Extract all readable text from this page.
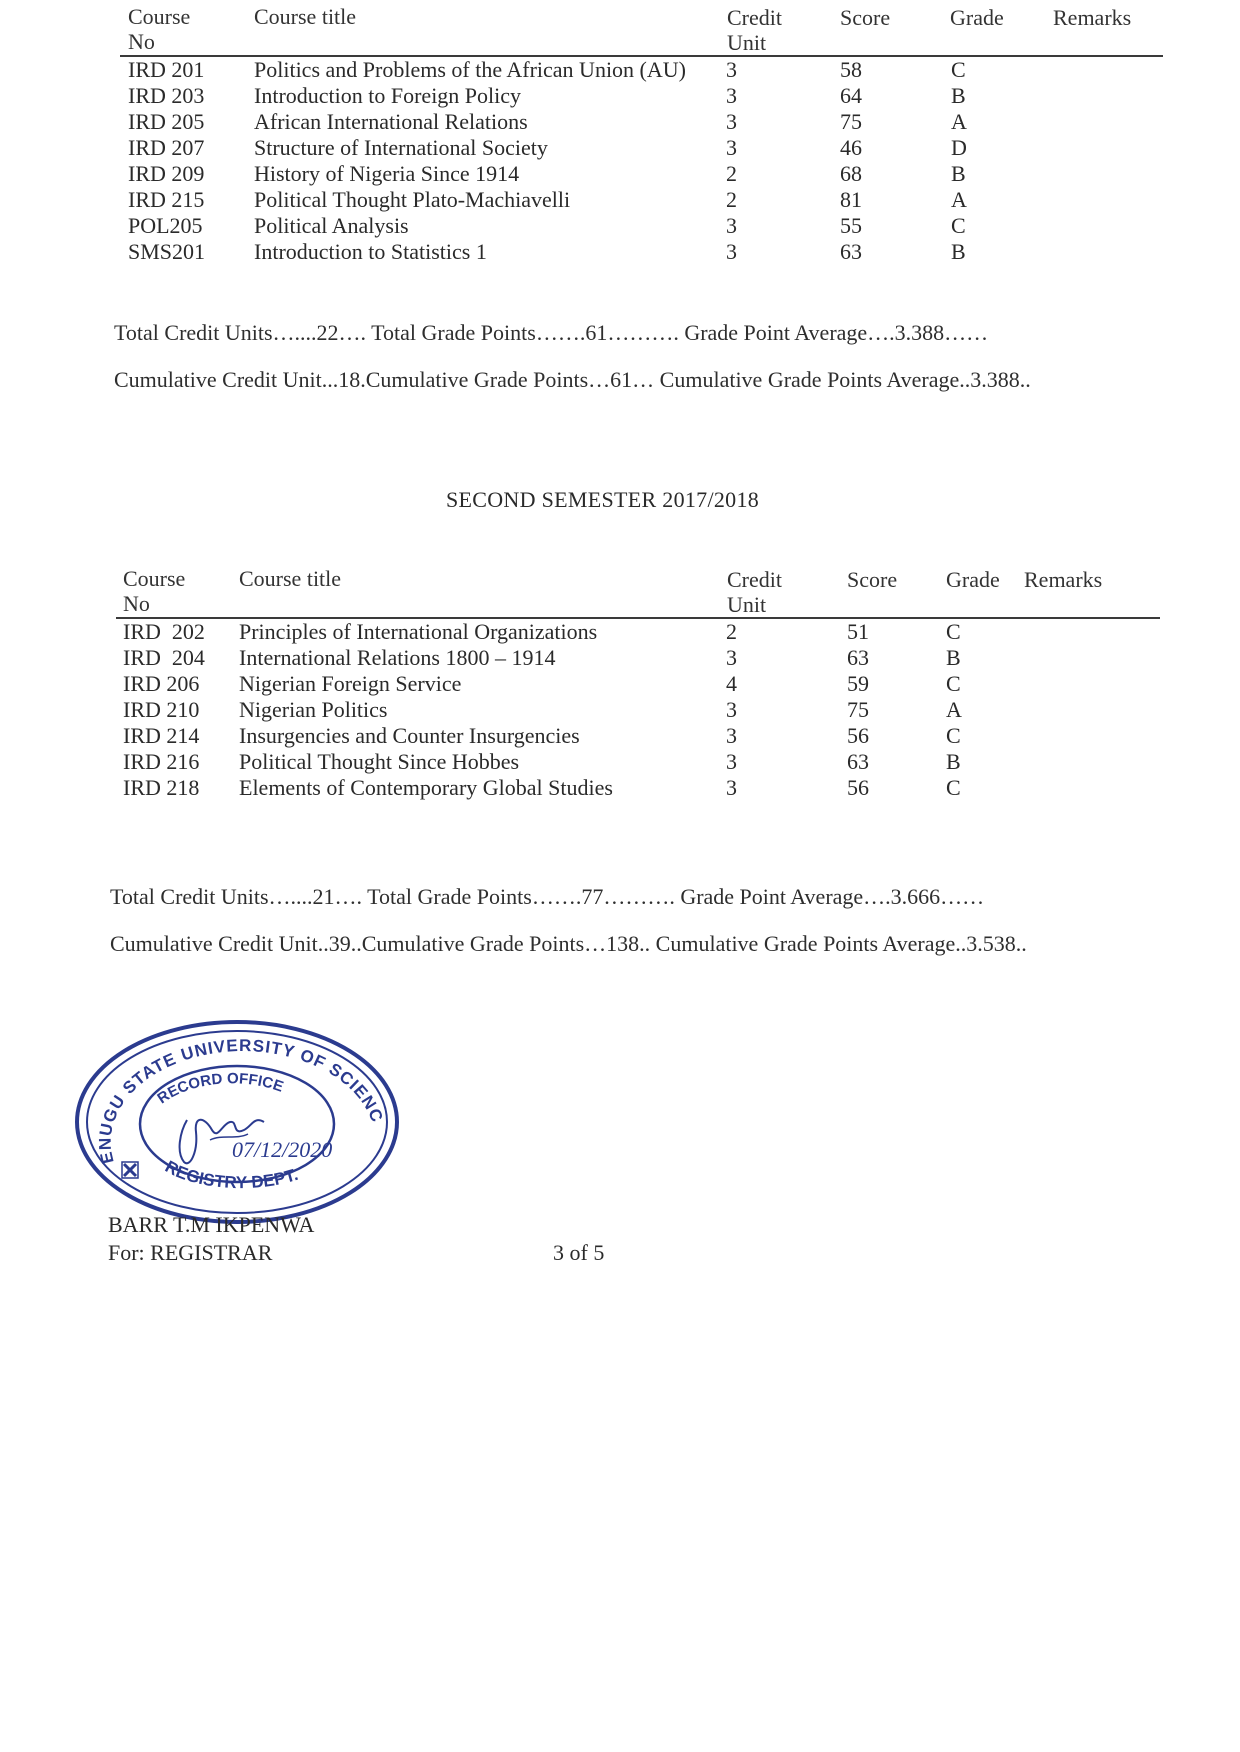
Course
No
Course title	Credit
Unit
Score	Grade Remarks
IRD 201 Politics and Problems of the African Union (AU) 3	58	C
IRD 203 Introduction to Foreign Policy	3	64	B
IRD 205 African International Relations	3	75	A
IRD 207 Structure of International Society	3	46	D
IRD 209 History of Nigeria Since 1914	2	68	B
IRD 215 Political Thought Plato-Machiavelli	2	81	A
POL205 Political Analysis	3	55	C
SMS201 Introduction to Statistics 1	3	63	B
Total Credit Units…....22…. Total Grade Points…….61………. Grade Point Average….3.388……
Cumulative Credit Unit...18.Cumulative Grade Points…61… Cumulative Grade Points Average..3.388..
SECOND SEMESTER 2017/2018
Course
No
Course title	Credit
Unit
Score Grade Remarks
IRD  202 Principles of International Organizations	2	51	C
IRD  204 International Relations 1800 – 1914	3	63	B
IRD 206 Nigerian Foreign Service	4	59	C
IRD 210 Nigerian Politics	3	75	A
IRD 214 Insurgencies and Counter Insurgencies	3	56	C
IRD 216 Political Thought Since Hobbes	3	63	B
IRD 218 Elements of Contemporary Global Studies	3	56	C
Total Credit Units…....21…. Total Grade Points…….77………. Grade Point Average….3.666……
Cumulative Credit Unit..39..Cumulative Grade Points…138.. Cumulative Grade Points Average..3.538..
ENUGU STATE UNIVERSITY OF SCIENC
RECORD OFFICE
REGISTRY DEPT.
07/12/2020
BARR T.M IKPENWA
For: REGISTRAR	3 of 5
